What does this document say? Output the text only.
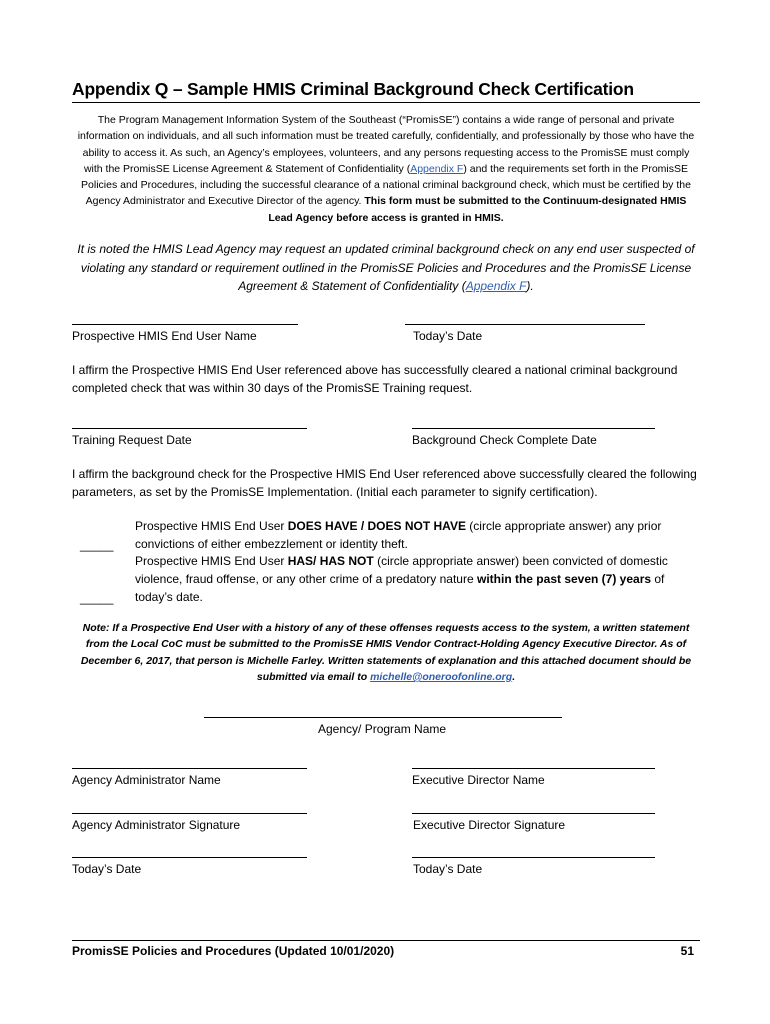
Appendix Q – Sample HMIS Criminal Background Check Certification
The Program Management Information System of the Southeast (“PromisSE”) contains a wide range of personal and private information on individuals, and all such information must be treated carefully, confidentially, and professionally by those who have the ability to access it. As such, an Agency’s employees, volunteers, and any persons requesting access to the PromisSE must comply with the PromisSE License Agreement & Statement of Confidentiality (Appendix F) and the requirements set forth in the PromisSE Policies and Procedures, including the successful clearance of a national criminal background check, which must be certified by the Agency Administrator and Executive Director of the agency. This form must be submitted to the Continuum-designated HMIS Lead Agency before access is granted in HMIS.
It is noted the HMIS Lead Agency may request an updated criminal background check on any end user suspected of violating any standard or requirement outlined in the PromisSE Policies and Procedures and the PromisSE License Agreement & Statement of Confidentiality (Appendix F).
Prospective HMIS End User Name	Today’s Date
I affirm the Prospective HMIS End User referenced above has successfully cleared a national criminal background completed check that was within 30 days of the PromisSE Training request.
Training Request Date	Background Check Complete Date
I affirm the background check for the Prospective HMIS End User referenced above successfully cleared the following parameters, as set by the PromisSE Implementation. (Initial each parameter to signify certification).
_____
Prospective HMIS End User DOES HAVE / DOES NOT HAVE (circle appropriate answer) any prior convictions of either embezzlement or identity theft.
_____
Prospective HMIS End User HAS/ HAS NOT (circle appropriate answer) been convicted of domestic violence, fraud offense, or any other crime of a predatory nature within the past seven (7) years of today’s date.
Note: If a Prospective End User with a history of any of these offenses requests access to the system, a written statement from the Local CoC must be submitted to the PromisSE HMIS Vendor Contract-Holding Agency Executive Director. As of December 6, 2017, that person is Michelle Farley. Written statements of explanation and this attached document should be submitted via email to michelle@oneroofonline.org.
Agency/ Program Name
Agency Administrator Name	Executive Director Name
Agency Administrator Signature	Executive Director Signature
Today’s Date	Today’s Date
PromisSE Policies and Procedures (Updated 10/01/2020)	51
